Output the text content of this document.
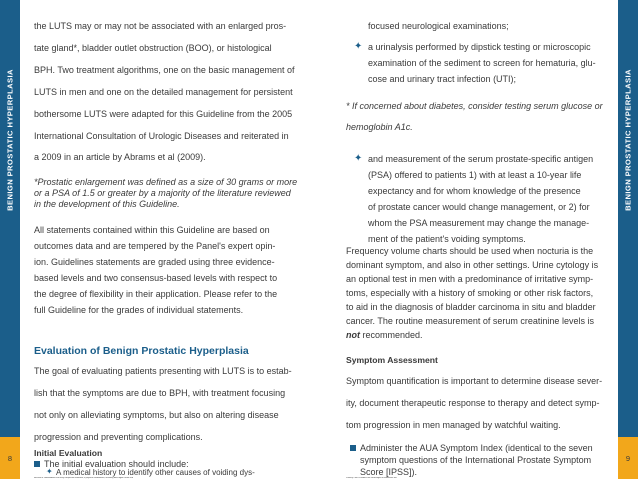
BENIGN PROSTATIC HYPERPLASIA
8
BENIGN PROSTATIC HYPERPLASIA
9
the LUTS may or may not be associated with an enlarged pros-
tate gland*, bladder outlet obstruction (BOO), or histological
BPH. Two treatment algorithms, one on the basic management of
LUTS in men and one on the detailed management for persistent
bothersome LUTS were adapted for this Guideline from the 2005
International Consultation of Urologic Diseases and reiterated in
a 2009 in an article by Abrams et al (2009).
*Prostatic enlargement was defined as a size of 30 grams or more
or a PSA of 1.5 or greater by a majority of the literature reviewed
in the development of this Guideline.
All statements contained within this Guideline are based on
outcomes data and are tempered by the Panel's expert opin-
ion. Guidelines statements are graded using three evidence-
based levels and two consensus-based levels with respect to
the degree of flexibility in their application. Please refer to the
full Guideline for the grades of individual statements.
Evaluation of Benign Prostatic Hyperplasia
The goal of evaluating patients presenting with LUTS is to estab-
lish that the symptoms are due to BPH, with treatment focusing
not only on alleviating symptoms, but also on altering disease
progression and preventing complications.
focused neurological examinations;
✦ a urinalysis performed by dipstick testing or microscopic
examination of the sediment to screen for hematuria, glu-
cose and urinary tract infection (UTI);
* If concerned about diabetes, consider testing serum glucose or
hemoglobin A1c.
✦ and measurement of the serum prostate-specific antigen
(PSA) offered to patients 1) with at least a 10-year life
expectancy and for whom knowledge of the presence
of prostate cancer would change management, or 2) for
whom the PSA measurement may change the manage-
ment of the patient's voiding symptoms.
Frequency volume charts should be used when nocturia is the
dominant symptom, and also in other settings. Urine cytology is
an optional test in men with a predominance of irritative symp-
toms, especially with a history of smoking or other risk factors,
to aid in the diagnosis of bladder carcinoma in situ and bladder
cancer. The routine measurement of serum creatinine levels is
not recommended.
Symptom Assessment
Symptom quantification is important to determine disease sever-
ity, document therapeutic response to therapy and detect symp-
tom progression in men managed by watchful waiting.
Initial Evaluation
The initial evaluation should include:
✦ A medical history to identify other causes of voiding dys-
Administer the AUA Symptom Index (identical to the seven
symptom questions of the International Prostate Symptom
Score [IPSS]).
function or comorbidities that may complicate treatment; a physical examination, including both digital rectal and	Primary Care Providers are encouraged to administer the
